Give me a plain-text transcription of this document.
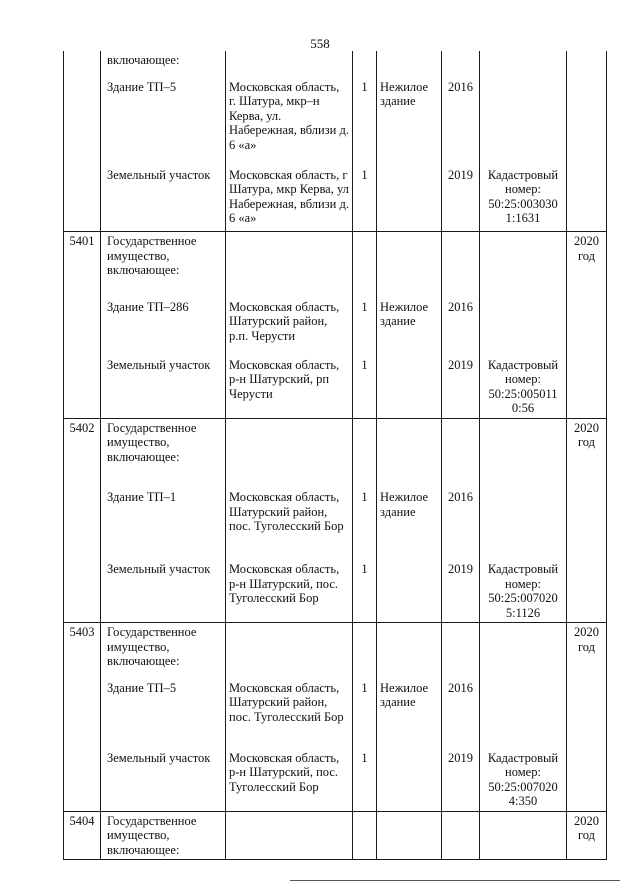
558
	включающее:						
	Здание ТП–5	Московская область, г. Шатура, мкр–н Керва, ул. Набережная, вблизи д. 6 «а»	1	Нежилое здание	2016		
	Земельный участок	Московская область, г Шатура, мкр Керва, ул Набережная, вблизи д. 6 «а»	1		2019	Кадастровый номер: 50:25:003030 1:1631	
5401	Государственное имущество, включающее:						2020 год
	Здание ТП–286	Московская область, Шатурский район, р.п. Черусти	1	Нежилое здание	2016		
	Земельный участок	Московская область, р-н Шатурский, рп Черусти	1		2019	Кадастровый номер: 50:25:005011 0:56	
5402	Государственное имущество, включающее:						2020 год
	Здание ТП–1	Московская область, Шатурский район, пос. Туголесский Бор	1	Нежилое здание	2016		
	Земельный участок	Московская область, р-н Шатурский, пос. Туголесский Бор	1		2019	Кадастровый номер: 50:25:007020 5:1126	
5403	Государственное имущество, включающее:						2020 год
	Здание ТП–5	Московская область, Шатурский район, пос. Туголесский Бор	1	Нежилое здание	2016		
	Земельный участок	Московская область, р-н Шатурский, пос. Туголесский Бор	1		2019	Кадастровый номер: 50:25:007020 4:350	
5404	Государственное имущество, включающее:						2020 год
